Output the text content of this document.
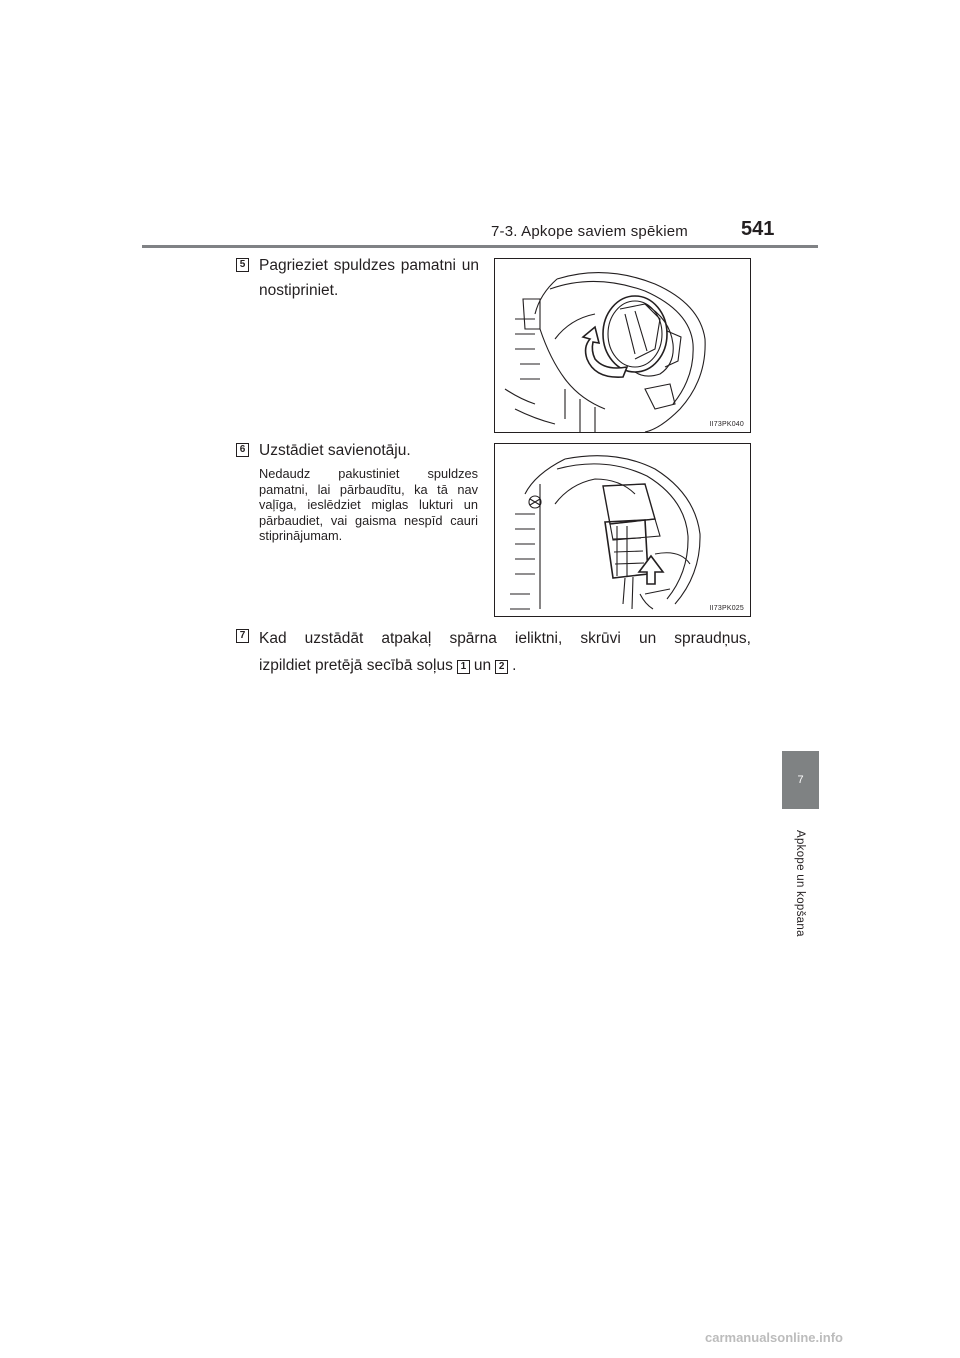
7-3. Apkope saviem spēkiem	541
7
Apkope un kopšana
5 Pagrieziet spuldzes pamatni un nostipriniet.
II73PK040
6 Uzstādiet savienotāju.
Nedaudz pakustiniet spuldzes pamatni, lai pārbaudītu, ka tā nav vaļīga, ieslēdziet miglas lukturi un pārbaudiet, vai gaisma nespīd cauri stiprinājumam.
II73PK025
7 Kad uzstādāt atpakaļ spārna ieliktni, skrūvi un spraudņus,
izpildiet pretējā secībā soļus 1 un 2 .
carmanualsonline.info
